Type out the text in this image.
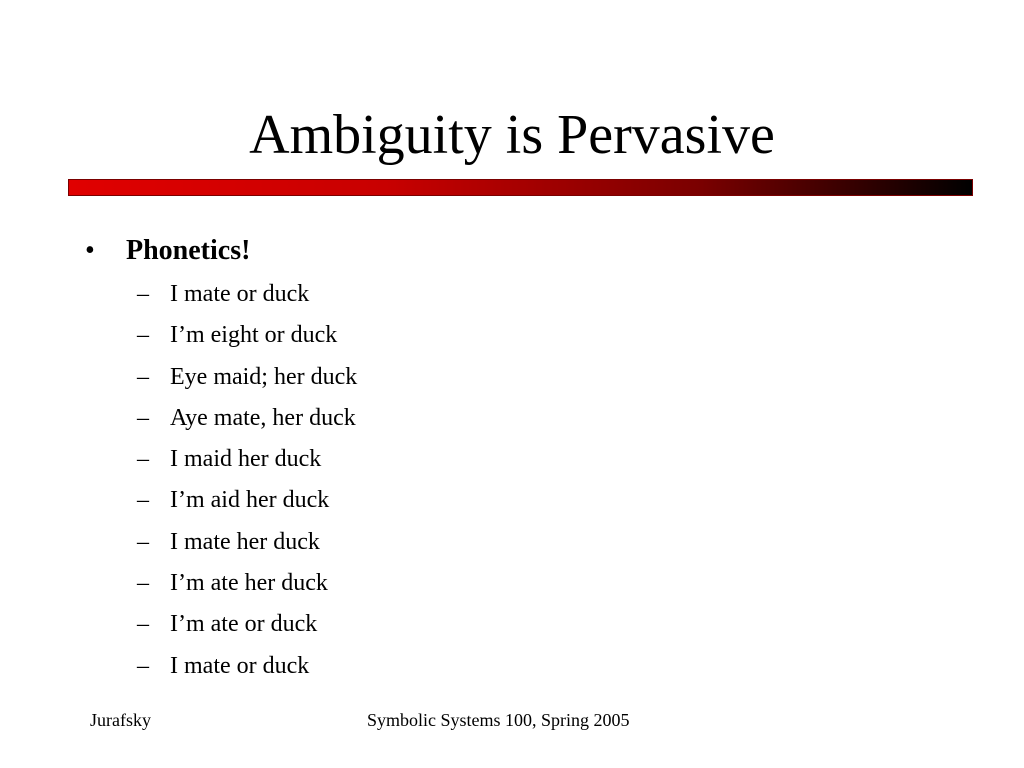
Ambiguity is Pervasive
•	Phonetics!
– I mate or duck
– I’m eight or duck
– Eye maid; her duck
– Aye mate, her duck
– I maid her duck
– I’m aid her duck
– I mate her duck
– I’m ate her duck
– I’m ate or duck
– I mate or duck
Jurafsky	Symbolic Systems 100, Spring 2005
